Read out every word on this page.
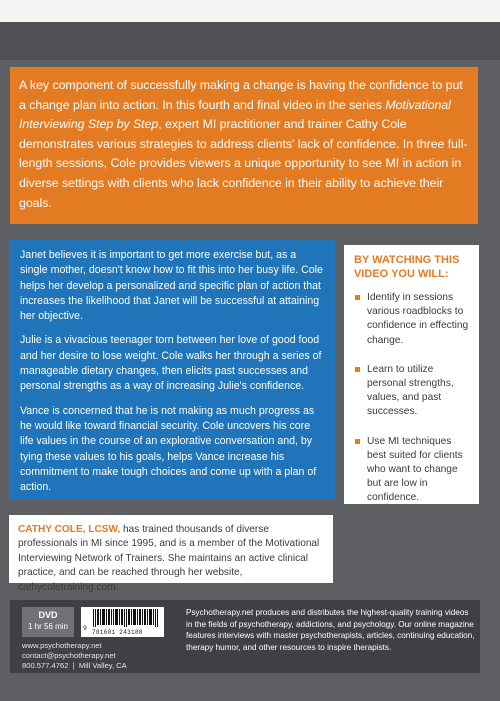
A key component of successfully making a change is having the confidence to put a change plan into action. In this fourth and final video in the series Motivational Interviewing Step by Step, expert MI practitioner and trainer Cathy Cole demonstrates various strategies to address clients' lack of confidence. In three full-length sessions, Cole provides viewers a unique opportunity to see MI in action in diverse settings with clients who lack confidence in their ability to achieve their goals.

Janet believes it is important to get more exercise but, as a single mother, doesn't know how to fit this into her busy life. Cole helps her develop a personalized and specific plan of action that increases the likelihood that Janet will be successful at attaining her objective.

Julie is a vivacious teenager torn between her love of good food and her desire to lose weight. Cole walks her through a series of manageable dietary changes, then elicits past successes and personal strengths as a way of increasing Julie's confidence.

Vance is concerned that he is not making as much progress as he would like toward financial security. Cole uncovers his core life values in the course of an explorative conversation and, by tying these values to his goals, helps Vance increase his commitment to make tough choices and come up with a plan of action.

BY WATCHING THIS VIDEO YOU WILL:
Identify in sessions various roadblocks to confidence in effecting change.
Learn to utilize personal strengths, values, and past successes.
Use MI techniques best suited for clients who want to change but are low in confidence.
CATHY COLE, LCSW, has trained thousands of diverse professionals in MI since 1995, and is a member of the Motivational Interviewing Network of Trainers. She maintains an active clinical practice, and can be reached through her website, cathycoletraining.com.
DVD
1 hr 56 min	9
781601 243188
www.psychotherapy.net
contact@psychotherapy.net
800.577.4762 | Mill Valley, CA
Psychotherapy.net produces and distributes the highest-quality training videos in the fields of psychotherapy, addictions, and psychology. Our online magazine features interviews with master psychotherapists, articles, continuing education, therapy humor, and other resources to inspire therapists.
